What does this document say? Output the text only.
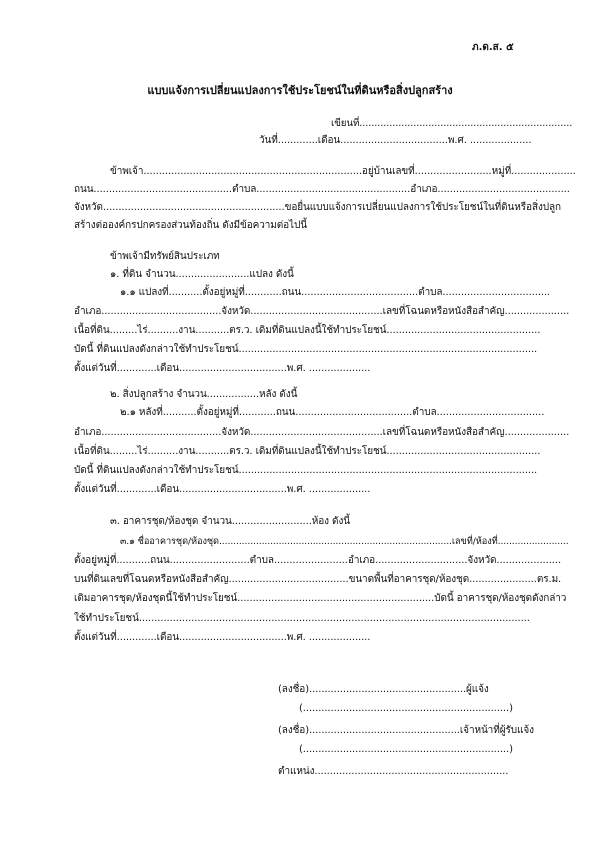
ภ.ด.ส. ๕
แบบแจ้งการเปลี่ยนแปลงการใช้ประโยชน์ในที่ดินหรือสิ่งปลูกสร้าง
เขียนที่.......................................................................
วันที่.............เดือน...................................พ.ศ. ....................
ข้าพเจ้า.......................................................................อยู่บ้านเลขที่.........................หมู่ที่.....................
ถนน.............................................ตำบล..................................................อำเภอ...........................................
จังหวัด...........................................................ขอยื่นแบบแจ้งการเปลี่ยนแปลงการใช้ประโยชน์ในที่ดินหรือสิ่งปลูก
สร้างต่อองค์กรปกครองส่วนท้องถิ่น ดังมีข้อความต่อไปนี้
ข้าพเจ้ามีทรัพย์สินประเภท
๑. ที่ดิน จำนวน........................แปลง ดังนี้
๑.๑ แปลงที่...........ตั้งอยู่หมู่ที่............ถนน......................................ตำบล...................................
อำเภอ.......................................จังหวัด...........................................เลขที่โฉนดหรือหนังสือสำคัญ.....................
เนื้อที่ดิน.........ไร่..........งาน...........ตร.ว. เดิมที่ดินแปลงนี้ใช้ทำประโยชน์..................................................
บัดนี้ ที่ดินแปลงดังกล่าวใช้ทำประโยชน์.................................................................................................
ตั้งแต่วันที่.............เดือน...................................พ.ศ. ....................
๒. สิ่งปลูกสร้าง จำนวน.................หลัง ดังนี้
๒.๑ หลังที่...........ตั้งอยู่หมู่ที่............ถนน......................................ตำบล...................................
อำเภอ.......................................จังหวัด...........................................เลขที่โฉนดหรือหนังสือสำคัญ.....................
เนื้อที่ดิน.........ไร่..........งาน...........ตร.ว. เดิมที่ดินแปลงนี้ใช้ทำประโยชน์..................................................
บัดนี้ ที่ดินแปลงดังกล่าวใช้ทำประโยชน์.................................................................................................
ตั้งแต่วันที่.............เดือน...................................พ.ศ. ....................
๓. อาคารชุด/ห้องชุด จำนวน..........................ห้อง ดังนี้
๓.๑ ชื่ออาคารชุด/ห้องชุด..................................................................................เลขที่/ห้องที่.........................
ตั้งอยู่หมู่ที่...........ถนน..........................ตำบล........................อำเภอ..............................จังหวัด.....................
บนที่ดินเลขที่โฉนดหรือหนังสือสำคัญ.......................................ขนาดพื้นที่อาคารชุด/ห้องชุด......................ตร.ม.
เดิมอาคารชุด/ห้องชุดนี้ใช้ทำประโยชน์................................................................บัดนี้ อาคารชุด/ห้องชุดดังกล่าว
ใช้ทำประโยชน์...............................................................................................................................
ตั้งแต่วันที่.............เดือน...................................พ.ศ. ....................
(ลงชื่อ)...................................................ผู้แจ้ง
(...................................................................)
(ลงชื่อ).................................................เจ้าหน้าที่ผู้รับแจ้ง
(...................................................................)
ตำแหน่ง...............................................................
